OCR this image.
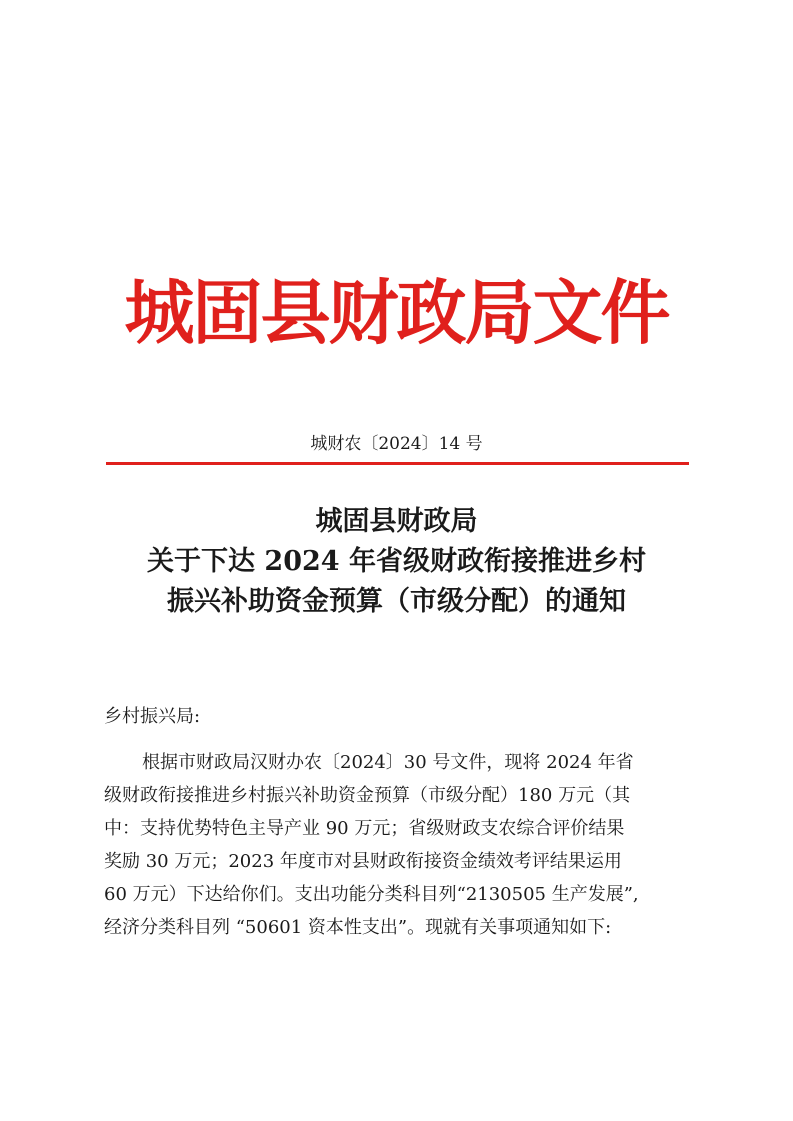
城固县财政局文件
城财农〔2024〕14 号
城固县财政局
关于下达 2024 年省级财政衔接推进乡村
振兴补助资金预算（市级分配）的通知
乡村振兴局:
根据市财政局汉财办农〔2024〕30 号文件，现将 2024 年省
级财政衔接推进乡村振兴补助资金预算（市级分配）180 万元（其
中：支持优势特色主导产业 90 万元；省级财政支农综合评价结果
奖励 30 万元；2023 年度市对县财政衔接资金绩效考评结果运用
60 万元）下达给你们。支出功能分类科目列“2130505 生产发展”,
经济分类科目列 “50601 资本性支出”。现就有关事项通知如下:
